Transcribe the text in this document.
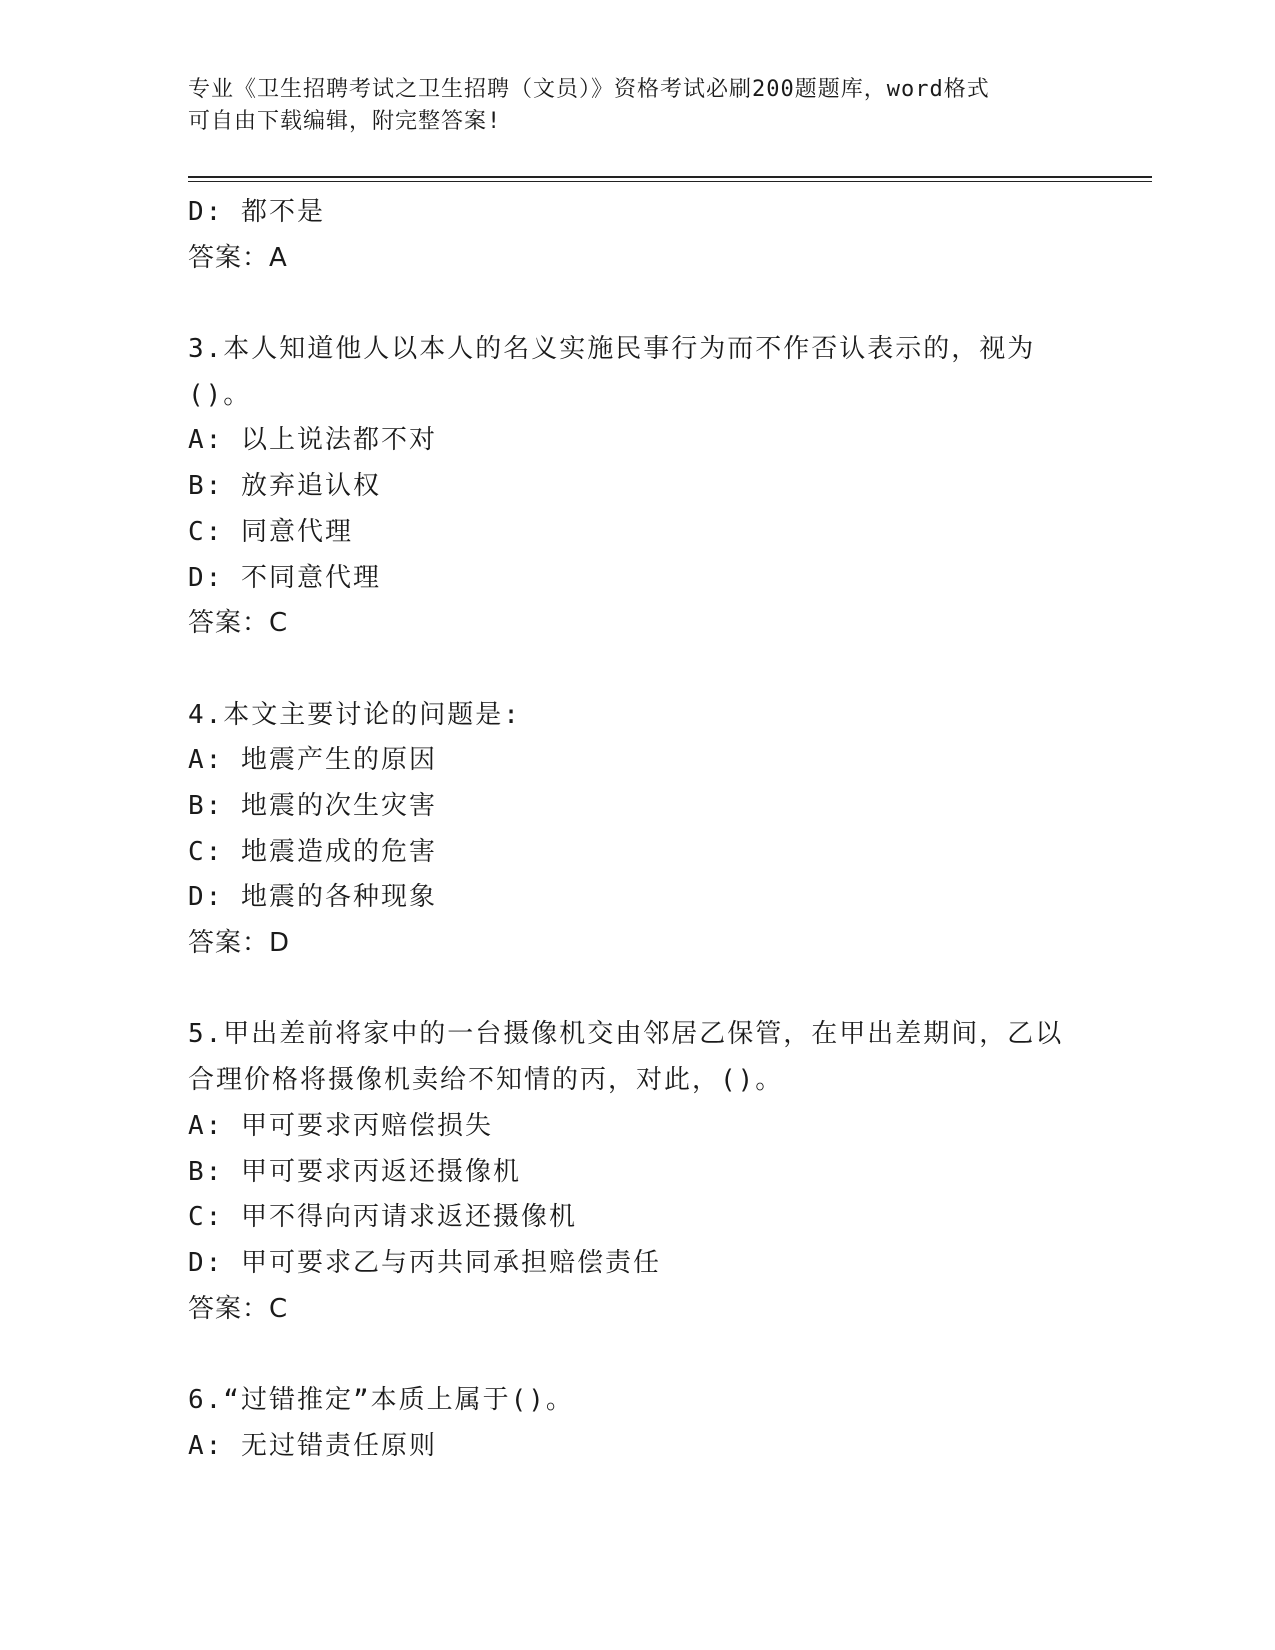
专业《卫生招聘考试之卫生招聘（文员）》资格考试必刷200题题库，word格式
可自由下载编辑，附完整答案!
D: 都不是
答案：A
3.本人知道他人以本人的名义实施民事行为而不作否认表示的，视为()。
A: 以上说法都不对
B: 放弃追认权
C: 同意代理
D: 不同意代理
答案：C
4.本文主要讨论的问题是:
A: 地震产生的原因
B: 地震的次生灾害
C: 地震造成的危害
D: 地震的各种现象
答案：D
5.甲出差前将家中的一台摄像机交由邻居乙保管，在甲出差期间，乙以合理价格将摄像机卖给不知情的丙，对此，()。
A: 甲可要求丙赔偿损失
B: 甲可要求丙返还摄像机
C: 甲不得向丙请求返还摄像机
D: 甲可要求乙与丙共同承担赔偿责任
答案：C
6.“过错推定”本质上属于()。
A: 无过错责任原则
